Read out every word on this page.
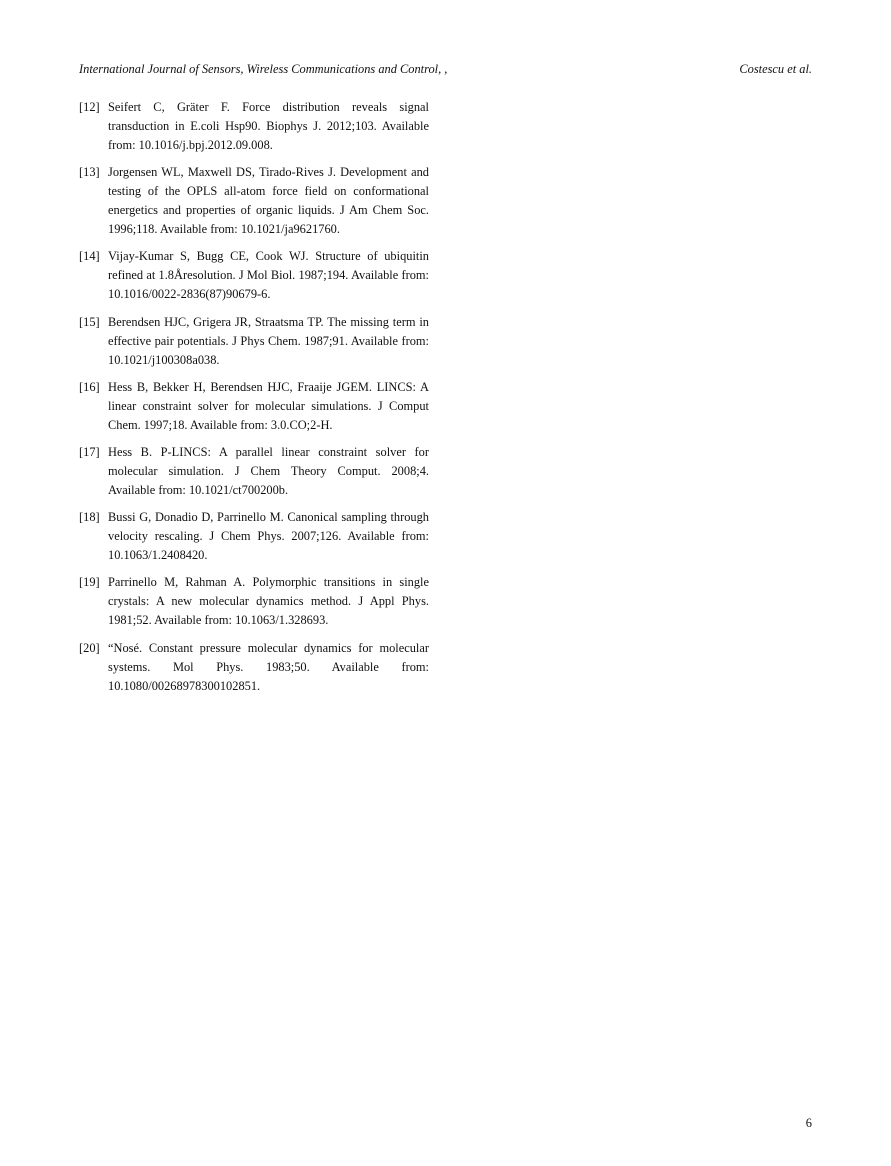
International Journal of Sensors, Wireless Communications and Control, ,	Costescu et al.
[12] Seifert C, Gräter F. Force distribution reveals signal transduction in E.coli Hsp90. Biophys J. 2012;103. Available from: 10.1016/j.bpj.2012.09.008.
[13] Jorgensen WL, Maxwell DS, Tirado-Rives J. Development and testing of the OPLS all-atom force field on conformational energetics and properties of organic liquids. J Am Chem Soc. 1996;118. Available from: 10.1021/ja9621760.
[14] Vijay-Kumar S, Bugg CE, Cook WJ. Structure of ubiquitin refined at 1.8Åresolution. J Mol Biol. 1987;194. Available from: 10.1016/0022-2836(87)90679-6.
[15] Berendsen HJC, Grigera JR, Straatsma TP. The missing term in effective pair potentials. J Phys Chem. 1987;91. Available from: 10.1021/j100308a038.
[16] Hess B, Bekker H, Berendsen HJC, Fraaije JGEM. LINCS: A linear constraint solver for molecular simulations. J Comput Chem. 1997;18. Available from: 3.0.CO;2-H.
[17] Hess B. P-LINCS: A parallel linear constraint solver for molecular simulation. J Chem Theory Comput. 2008;4. Available from: 10.1021/ct700200b.
[18] Bussi G, Donadio D, Parrinello M. Canonical sampling through velocity rescaling. J Chem Phys. 2007;126. Available from: 10.1063/1.2408420.
[19] Parrinello M, Rahman A. Polymorphic transitions in single crystals: A new molecular dynamics method. J Appl Phys. 1981;52. Available from: 10.1063/1.328693.
[20] “Nosé. Constant pressure molecular dynamics for molecular systems. Mol Phys. 1983;50. Available from: 10.1080/00268978300102851.
6
